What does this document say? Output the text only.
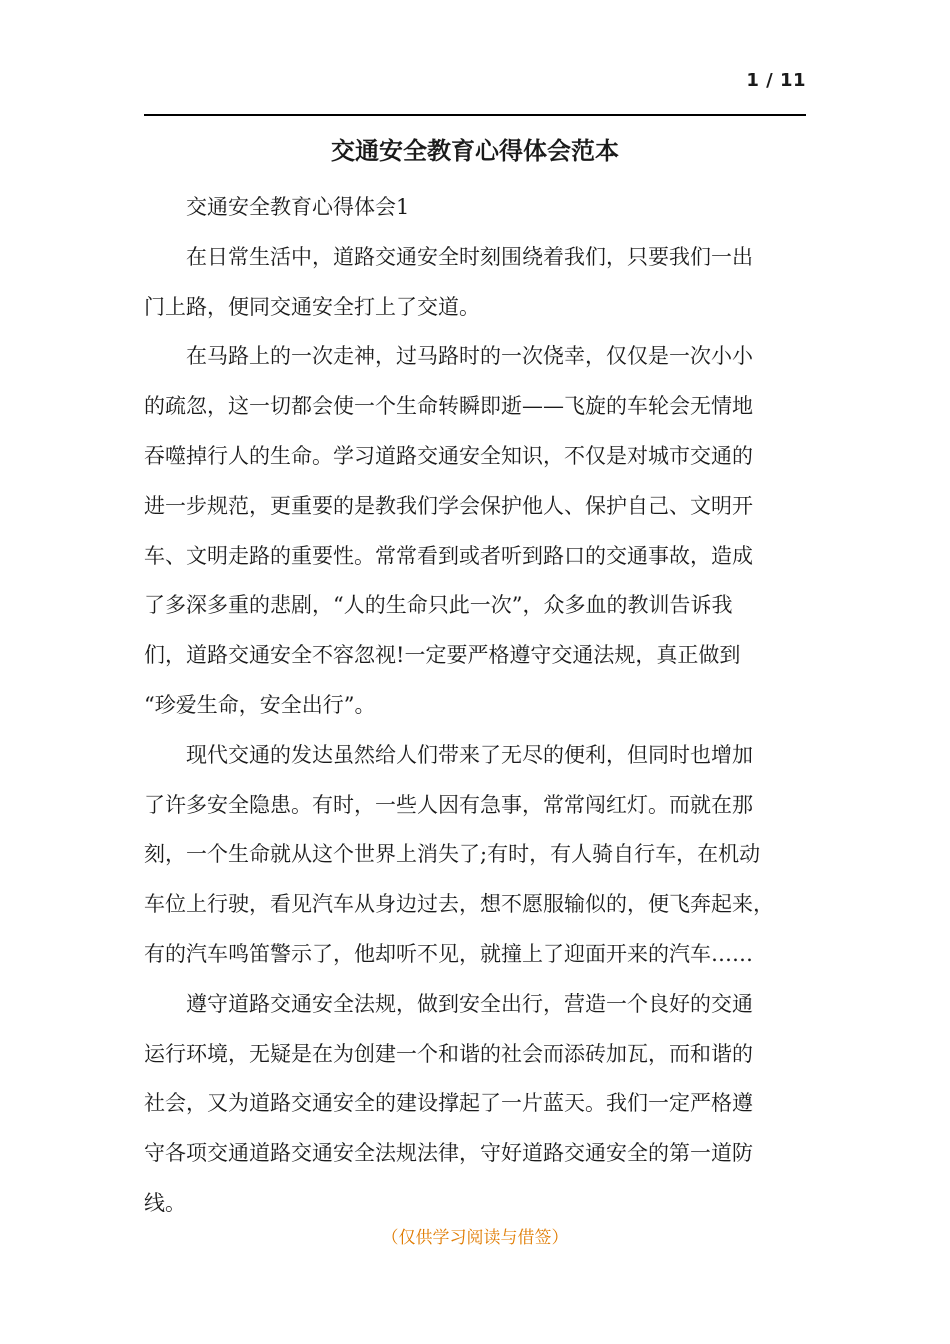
1 / 11
交通安全教育心得体会范本

交通安全教育心得体会1

在日常生活中，道路交通安全时刻围绕着我们，只要我们一出
门上路，便同交通安全打上了交道。

在马路上的一次走神，过马路时的一次侥幸，仅仅是一次小小
的疏忽，这一切都会使一个生命转瞬即逝——飞旋的车轮会无情地
吞噬掉行人的生命。学习道路交通安全知识，不仅是对城市交通的
进一步规范，更重要的是教我们学会保护他人、保护自己、文明开
车、文明走路的重要性。常常看到或者听到路口的交通事故，造成
了多深多重的悲剧，“人的生命只此一次”，众多血的教训告诉我
们，道路交通安全不容忽视!一定要严格遵守交通法规，真正做到
“珍爱生命，安全出行”。

现代交通的发达虽然给人们带来了无尽的便利，但同时也增加
了许多安全隐患。有时，一些人因有急事，常常闯红灯。而就在那
刻，一个生命就从这个世界上消失了;有时，有人骑自行车，在机动
车位上行驶，看见汽车从身边过去，想不愿服输似的，便飞奔起来，
有的汽车鸣笛警示了，他却听不见，就撞上了迎面开来的汽车……

遵守道路交通安全法规，做到安全出行，营造一个良好的交通
运行环境，无疑是在为创建一个和谐的社会而添砖加瓦，而和谐的
社会，又为道路交通安全的建设撑起了一片蓝天。我们一定严格遵
守各项交通道路交通安全法规法律，守好道路交通安全的第一道防
线。

（仅供学习阅读与借签）
